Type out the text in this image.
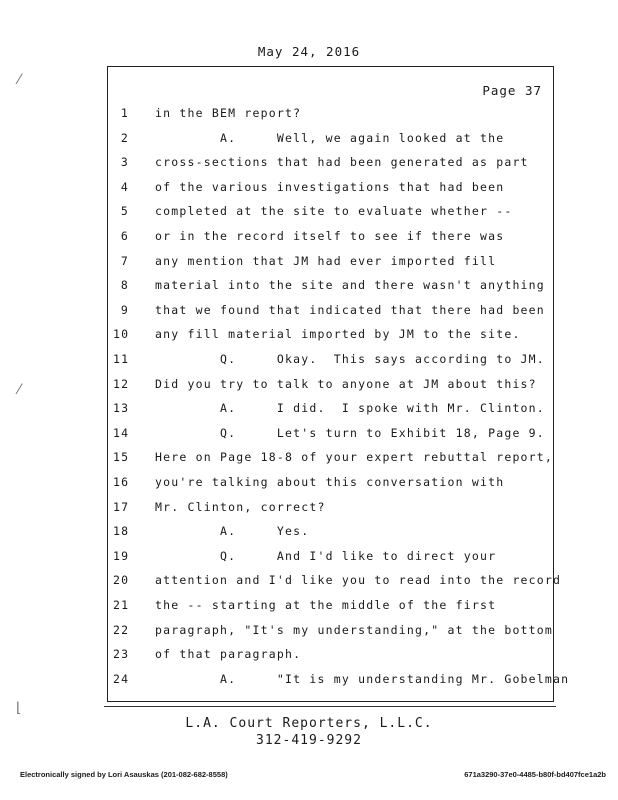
May 24, 2016
Page 37
1 in the BEM report?
2        A.     Well, we again looked at the
3 cross-sections that had been generated as part
4 of the various investigations that had been
5 completed at the site to evaluate whether --
6 or in the record itself to see if there was
7 any mention that JM had ever imported fill
8 material into the site and there wasn't anything
9 that we found that indicated that there had been
10 any fill material imported by JM to the site.
11        Q.     Okay.  This says according to JM.
12 Did you try to talk to anyone at JM about this?
13        A.     I did.  I spoke with Mr. Clinton.
14        Q.     Let's turn to Exhibit 18, Page 9.
15 Here on Page 18-8 of your expert rebuttal report,
16 you're talking about this conversation with
17 Mr. Clinton, correct?
18        A.     Yes.
19        Q.     And I'd like to direct your
20 attention and I'd like you to read into the record
21 the -- starting at the middle of the first
22 paragraph, "It's my understanding," at the bottom
23 of that paragraph.
24        A.     "It is my understanding Mr. Gobelman
L.A. Court Reporters, L.L.C.
312-419-9292
Electronically signed by Lori Asauskas (201-082-682-8558)	671a3290-37e0-4485-b80f-bd407fce1a2b
⁄
⁄
⌊
